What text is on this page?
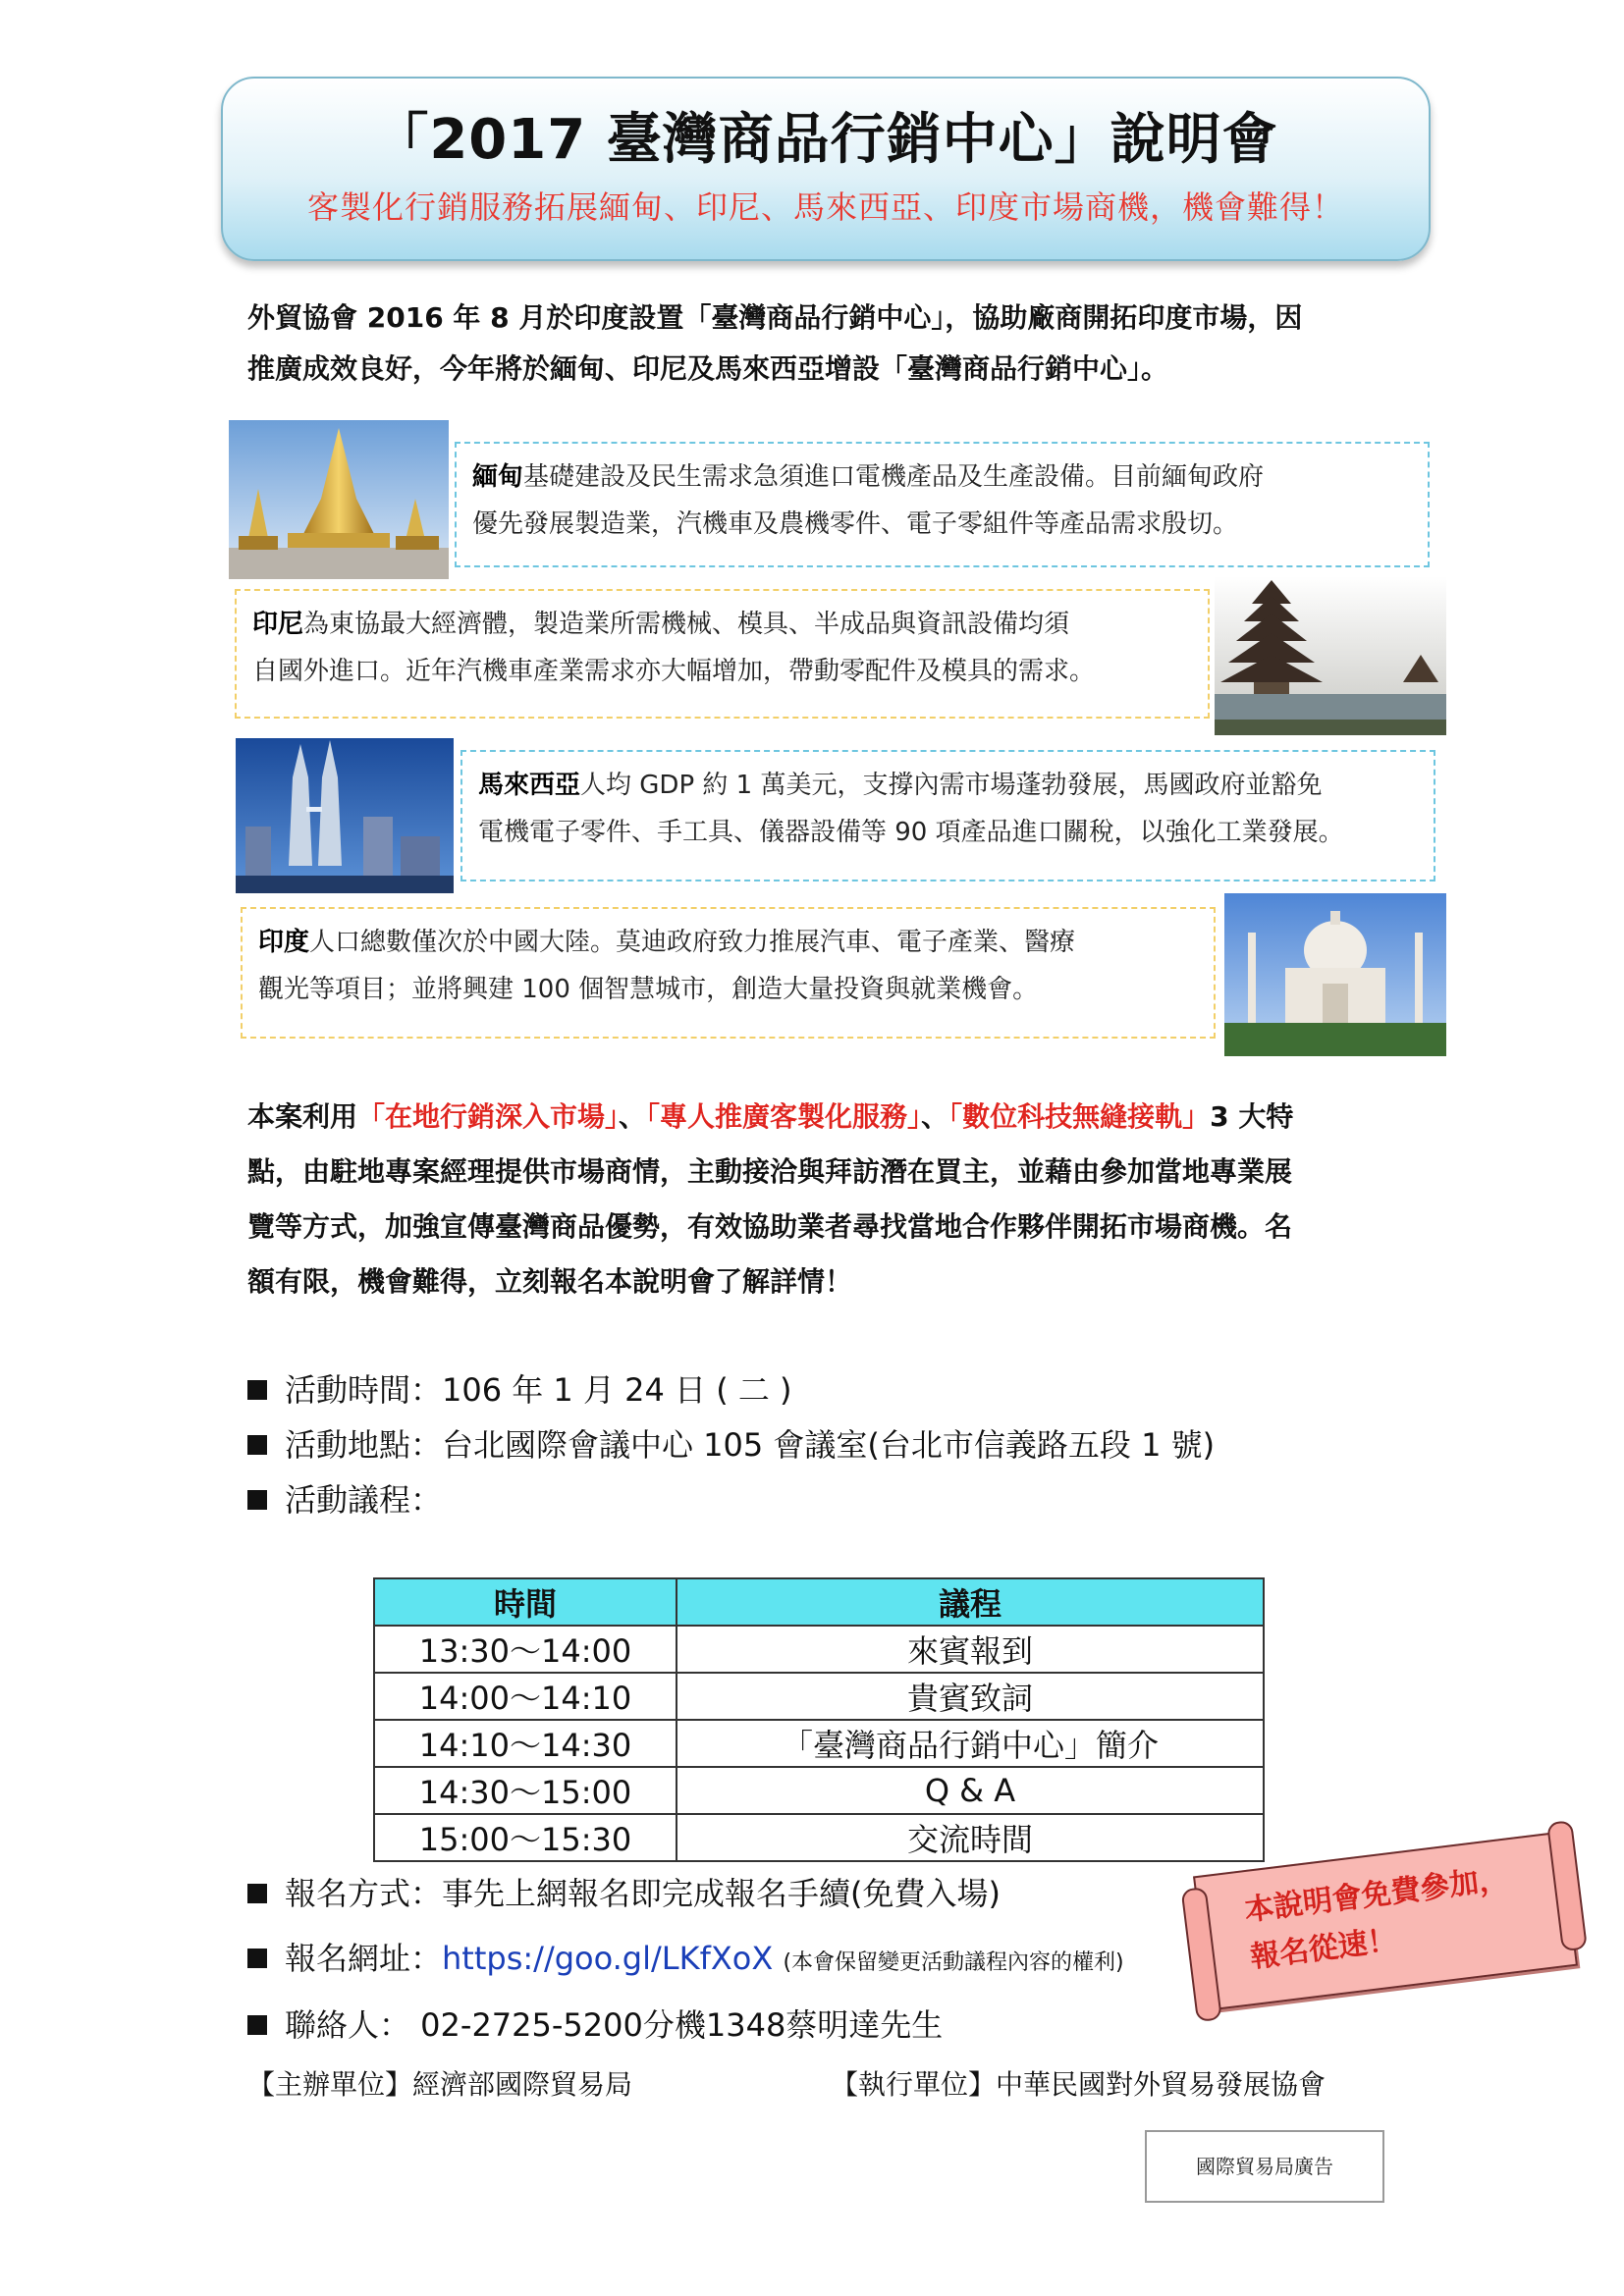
「2017 臺灣商品行銷中心」說明會
客製化行銷服務拓展緬甸、印尼、馬來西亞、印度市場商機，機會難得！
外貿協會 2016 年 8 月於印度設置「臺灣商品行銷中心」，協助廠商開拓印度市場，因
推廣成效良好，今年將於緬甸、印尼及馬來西亞增設「臺灣商品行銷中心」。
緬甸基礎建設及民生需求急須進口電機產品及生產設備。目前緬甸政府
優先發展製造業，汽機車及農機零件、電子零組件等產品需求殷切。
印尼為東協最大經濟體，製造業所需機械、模具、半成品與資訊設備均須
自國外進口。近年汽機車產業需求亦大幅增加，帶動零配件及模具的需求。
馬來西亞人均 GDP 約 1 萬美元，支撐內需市場蓬勃發展，馬國政府並豁免
電機電子零件、手工具、儀器設備等 90 項產品進口關稅，以強化工業發展。
印度人口總數僅次於中國大陸。莫迪政府致力推展汽車、電子產業、醫療
觀光等項目；並將興建 100 個智慧城市，創造大量投資與就業機會。
本案利用「在地行銷深入市場」、「專人推廣客製化服務」、「數位科技無縫接軌」3 大特
點，由駐地專案經理提供市場商情，主動接洽與拜訪潛在買主，並藉由參加當地專業展
覽等方式，加強宣傳臺灣商品優勢，有效協助業者尋找當地合作夥伴開拓市場商機。名
額有限，機會難得，立刻報名本說明會了解詳情！
活動時間：106 年 1 月 24 日 ( 二 )
活動地點：台北國際會議中心 105 會議室(台北市信義路五段 1 號)
活動議程：
時間	議程
13:30～14:00	來賓報到
14:00～14:10	貴賓致詞
14:10～14:30	「臺灣商品行銷中心」簡介
14:30～15:00	Q & A
15:00～15:30	交流時間
報名方式：事先上網報名即完成報名手續(免費入場)
報名網址：https://goo.gl/LKfXoX (本會保留變更活動議程內容的權利)
聯絡人： 02-2725-5200分機1348蔡明達先生
本說明會免費參加，
報名從速！
【主辦單位】經濟部國際貿易局	【執行單位】中華民國對外貿易發展協會
國際貿易局廣告
